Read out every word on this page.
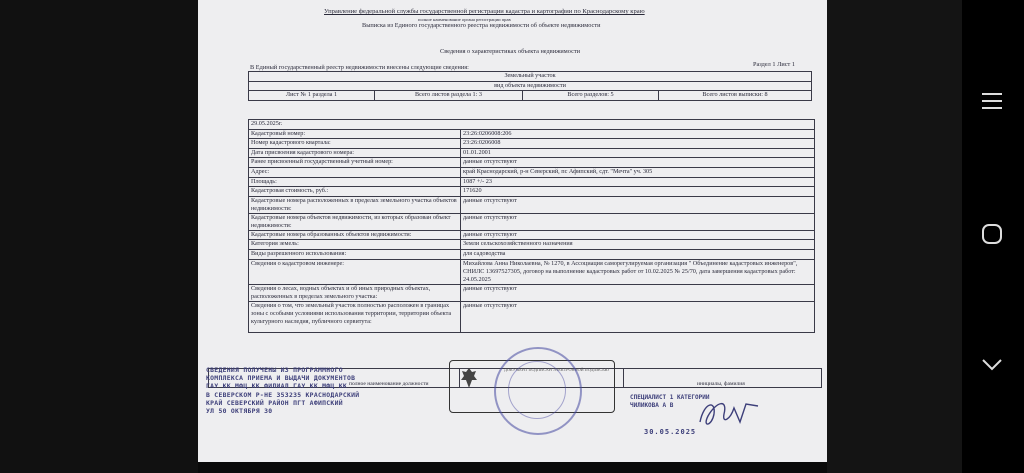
Управление федеральной службы государственной регистрации кадастра и картографии по Краснодарскому краю
полное наименование органа регистрации прав
Выписка из Единого государственного реестра недвижимости об объекте недвижимости
Сведения о характеристиках объекта недвижимости
В Единый государственный реестр недвижимости внесены следующие сведения:	Раздел 1 Лист 1
Земельный участок
вид объекта недвижимости
Лист № 1 раздела 1	Всего листов раздела 1: 3	Всего разделов: 5	Всего листов выписки: 8
29.05.2025г.	
Кадастровый номер:	23:26:0206008:206
Номер кадастрового квартала:	23:26:0206008
Дата присвоения кадастрового номера:	01.01.2001
Ранее присвоенный государственный учетный номер:	данные отсутствуют
Адрес:	край Краснодарский, р-н Северский, пс Афипский, сдт. "Мечта" уч. 305
Площадь:	1087 +/- 23
Кадастровая стоимость, руб.:	171620
Кадастровые номера расположенных в пределах земельного участка объектов недвижимости:	данные отсутствуют
Кадастровые номера объектов недвижимости, из которых образован объект недвижимости:	данные отсутствуют
Кадастровые номера образованных объектов недвижимости:	данные отсутствуют
Категория земель:	Земли сельскохозяйственного назначения
Виды разрешенного использования:	для садоводства
Сведения о кадастровом инженере:	Михайлова Анна Николаевна, № 1270, в Ассоциация саморегулируемая организация " Объединение кадастровых инженеров", СНИЛС 13697527305, договор на выполнение кадастровых работ от 10.02.2025 № 25/70, дата завершения кадастровых работ: 24.05.2025
Сведения о лесах, водных объектах и об иных природных объектах, расположенных в пределах земельного участка:	данные отсутствуют
Сведения о том, что земельный участок полностью расположен в границах зоны с особыми условиями использования территории, территории объекта культурного наследия, публичного сервитута:	данные отсутствуют
полное наименование должности	инициалы, фамилия
ДОКУМЕНТ ПОДПИСАН ЭЛЕКТРОННОЙ ПОДПИСЬЮ
СВЕДЕНИЯ ПОЛУЧЕНЫ ИЗ ПРОГРАММНОГО
КОМПЛЕКСА ПРИЕМА И ВЫДАЧИ ДОКУМЕНТОВ
ГАУ КК МФЦ КК ФИЛИАЛ ГАУ КК МФЦ КК
В СЕВЕРСКОМ Р-НЕ 353235 КРАСНОДАРСКИЙ
КРАЙ СЕВЕРСКИЙ РАЙОН ПГТ АФИПСКИЙ
УЛ 50 ОКТЯБРЯ 30
СПЕЦИАЛИСТ 1 КАТЕГОРИИ
ЧИЛИКОВА А В
30.05.2025
